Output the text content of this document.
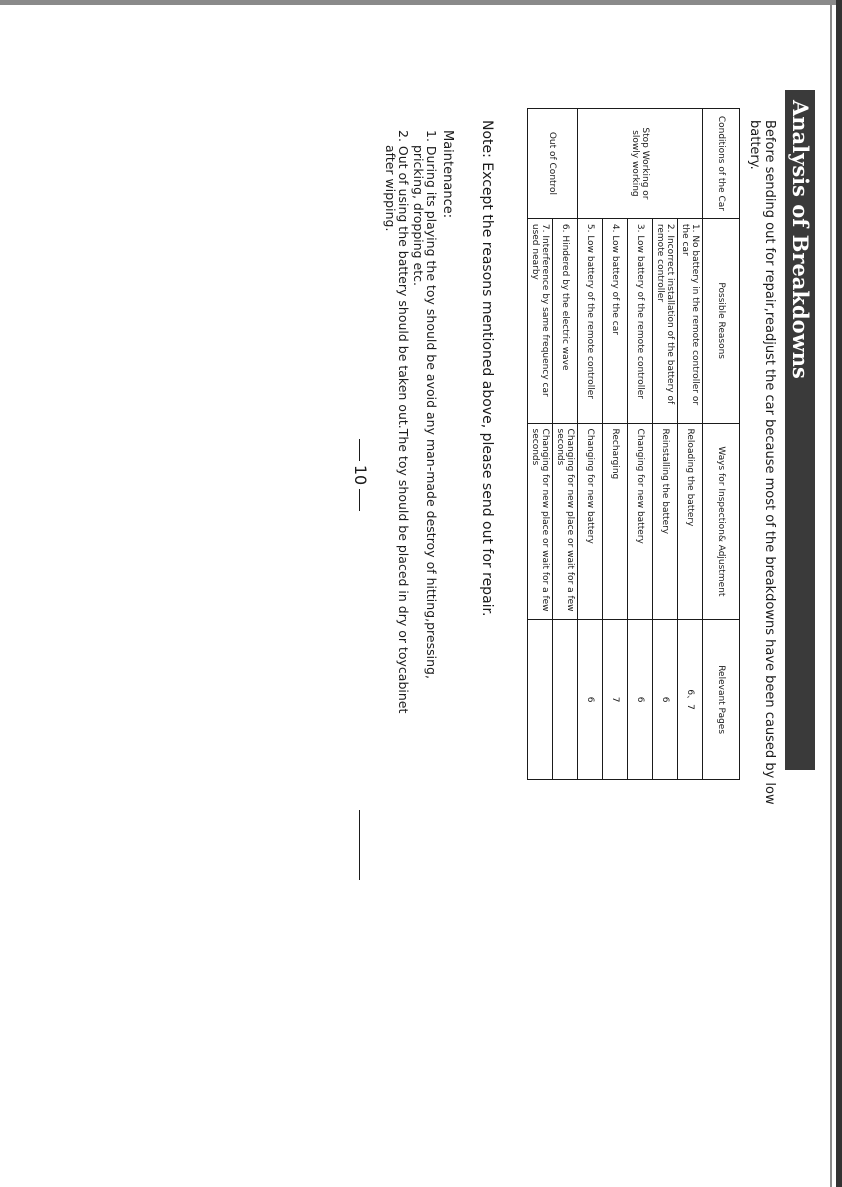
Analysis of Breakdowns
Before sending out for repair,readjust the car because most of the breakdowns have been caused by low battery.
Conditions of the Car	Possible Reasons	Ways for Inspection& Adjustment	Relevant Pages
Stop Working or slowly working	1. No battery in the remote controller or the car	Reloading the battery	6、7
	2. Incorrect installation of the battery of remote controller	Reinstalling the battery	6
	3. Low battery of the remote controller	Changing for new battery	6
	4. Low battery of the car	Recharging	7
	5. Low battery of the remote controller	Changing for new battery	6
Out of Control	6. Hindered by the electric wave	Changing for new place or wait for a few seconds	
	7. Interference by same frequency car used nearby	Changing for new place or wait for a few seconds	
Note: Except the reasons mentioned above, please send out for repair.
Maintenance:
1. During its playing the toy should be avoid any man-made destroy of hitting,pressing,
pricking, dropping etc.
2. Out of using the battery should be taken out.The toy should be placed in dry or toycabinet
after wipping.
10
